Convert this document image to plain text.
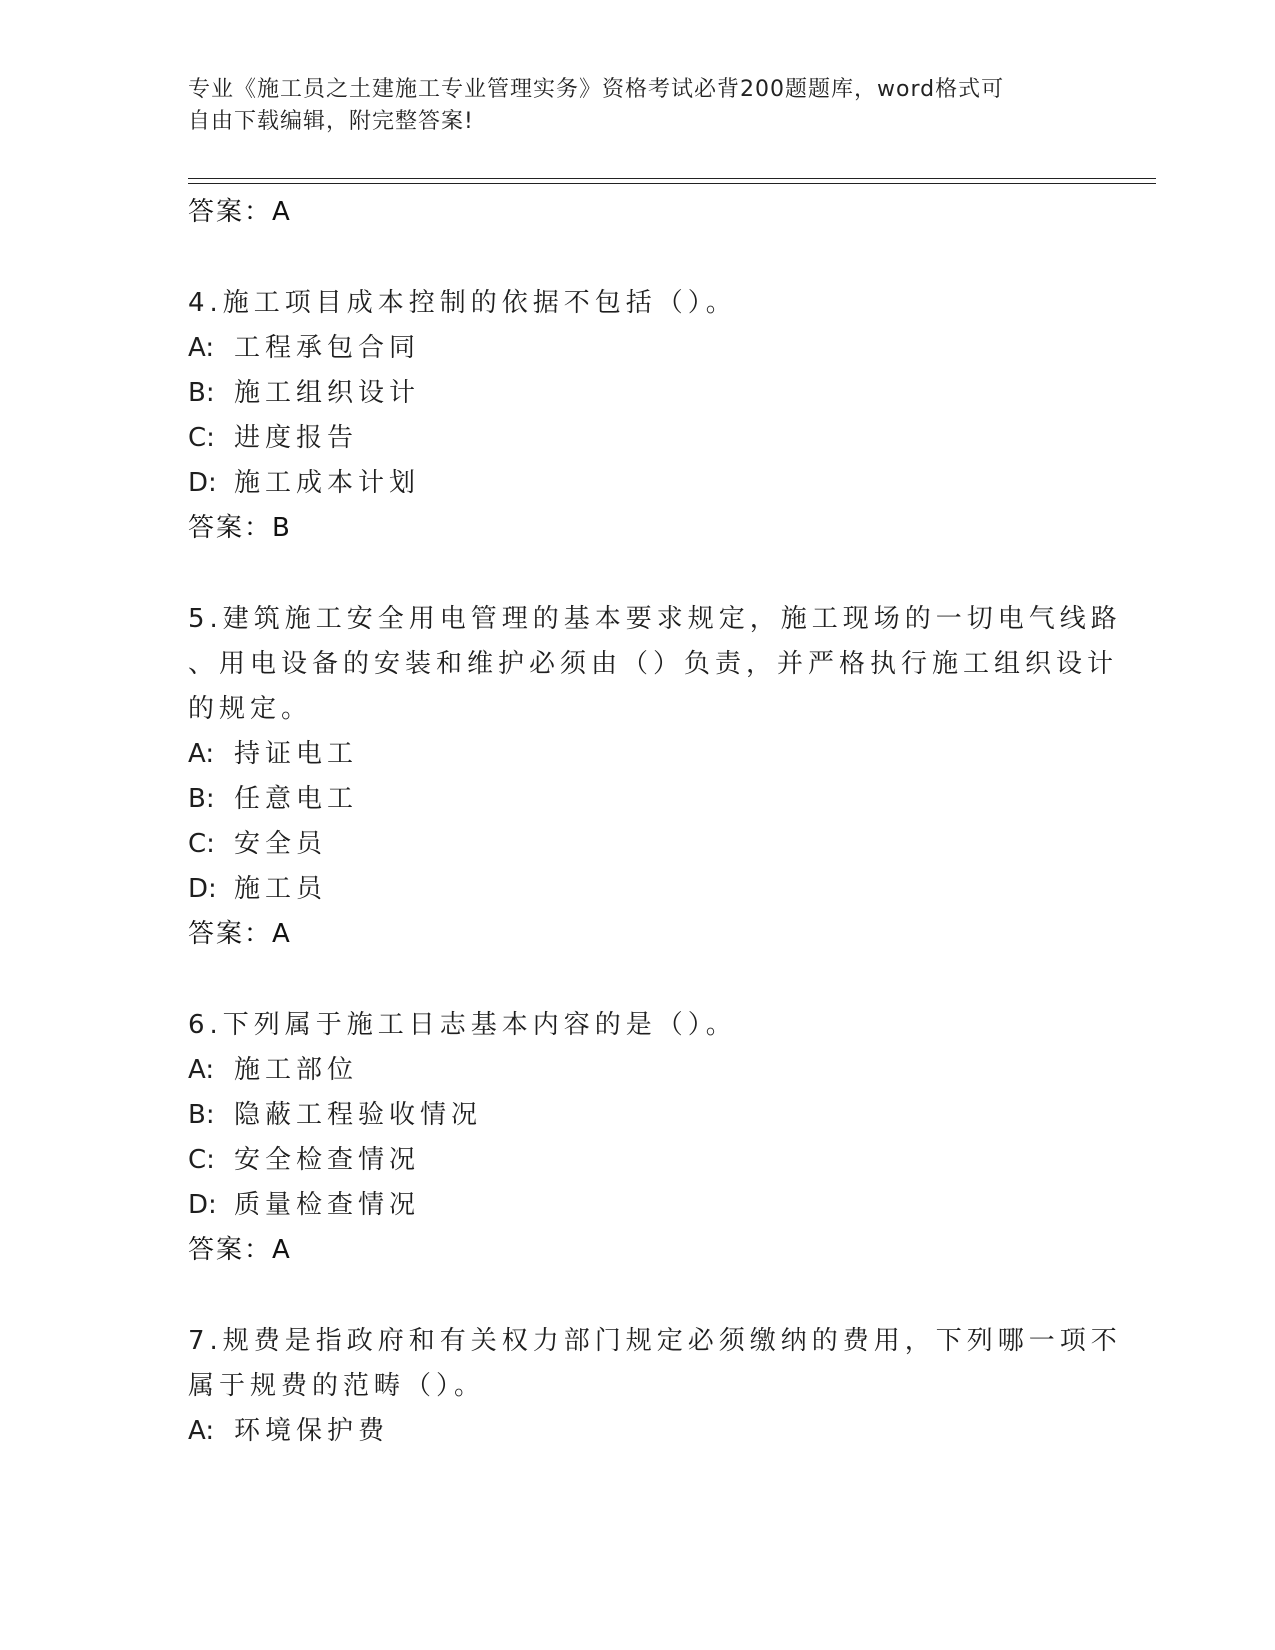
专业《施工员之土建施工专业管理实务》资格考试必背200题题库，word格式可
自由下载编辑，附完整答案!
答案：A
4.施工项目成本控制的依据不包括（）。
A: 工程承包合同
B: 施工组织设计
C: 进度报告
D: 施工成本计划
答案：B
5.建筑施工安全用电管理的基本要求规定，施工现场的一切电气线路
、用电设备的安装和维护必须由（）负责，并严格执行施工组织设计
的规定。
A: 持证电工
B: 任意电工
C: 安全员
D: 施工员
答案：A
6.下列属于施工日志基本内容的是（）。
A: 施工部位
B: 隐蔽工程验收情况
C: 安全检查情况
D: 质量检查情况
答案：A
7.规费是指政府和有关权力部门规定必须缴纳的费用，下列哪一项不
属于规费的范畴（）。
A: 环境保护费
